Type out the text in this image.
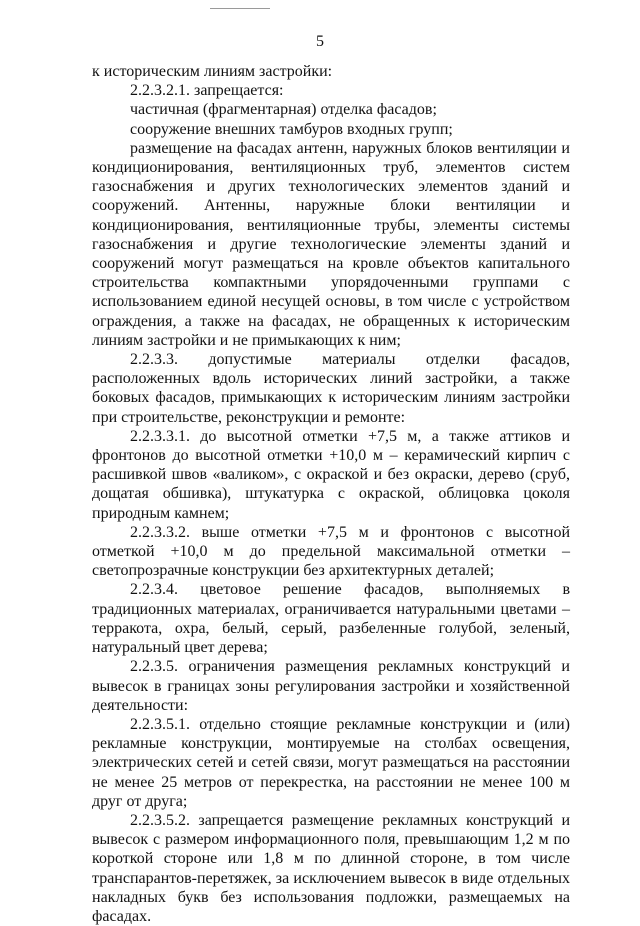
5

к историческим линиям застройки:

2.2.3.2.1. запрещается:

частичная (фрагментарная) отделка фасадов;

сооружение внешних тамбуров входных групп;

размещение на фасадах антенн, наружных блоков вентиляции и кондиционирования, вентиляционных труб, элементов систем газоснабжения и других технологических элементов зданий и сооружений. Антенны, наружные блоки вентиляции и кондиционирования, вентиляционные трубы, элементы системы газоснабжения и другие технологические элементы зданий и сооружений могут размещаться на кровле объектов капитального строительства компактными упорядоченными группами с использованием единой несущей основы, в том числе с устройством ограждения, а также на фасадах, не обращенных к историческим линиям застройки и не примыкающих к ним;

2.2.3.3. допустимые материалы отделки фасадов, расположенных вдоль исторических линий застройки, а также боковых фасадов, примыкающих к историческим линиям застройки при строительстве, реконструкции и ремонте:

2.2.3.3.1. до высотной отметки +7,5 м, а также аттиков и фронтонов до высотной отметки +10,0 м – керамический кирпич с расшивкой швов «валиком», с окраской и без окраски, дерево (сруб, дощатая обшивка), штукатурка с окраской, облицовка цоколя природным камнем;

2.2.3.3.2. выше отметки +7,5 м и фронтонов с высотной отметкой +10,0 м до предельной максимальной отметки – светопрозрачные конструкции без архитектурных деталей;

2.2.3.4. цветовое решение фасадов, выполняемых в традиционных материалах, ограничивается натуральными цветами – терракота, охра, белый, серый, разбеленные голубой, зеленый, натуральный цвет дерева;

2.2.3.5. ограничения размещения рекламных конструкций и вывесок в границах зоны регулирования застройки и хозяйственной деятельности:

2.2.3.5.1. отдельно стоящие рекламные конструкции и (или) рекламные конструкции, монтируемые на столбах освещения, электрических сетей и сетей связи, могут размещаться на расстоянии не менее 25 метров от перекрестка, на расстоянии не менее 100 м друг от друга;

2.2.3.5.2. запрещается размещение рекламных конструкций и вывесок с размером информационного поля, превышающим 1,2 м по короткой стороне или 1,8 м по длинной стороне, в том числе транспарантов-перетяжек, за исключением вывесок в виде отдельных накладных букв без использования подложки, размещаемых на фасадах.
